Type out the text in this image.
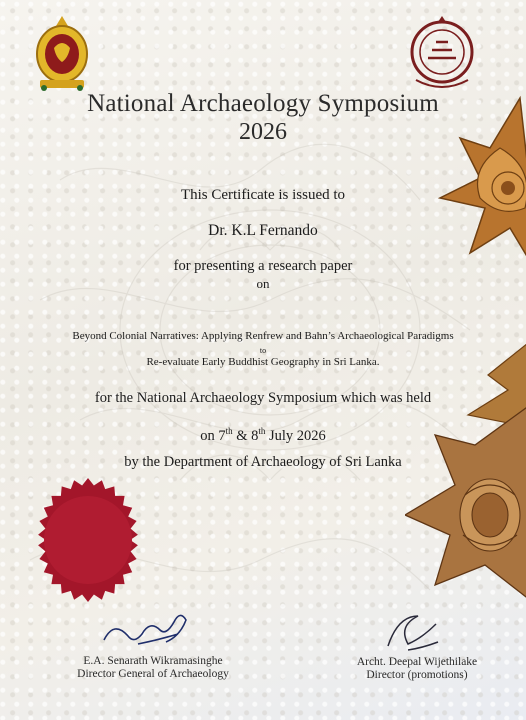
National Archaeology Symposium
2026
This Certificate is issued to
Dr. K.L Fernando
for presenting a research paper
on
Beyond Colonial Narratives: Applying Renfrew and Bahn’s Archaeological Paradigms
to
Re-evaluate Early Buddhist Geography in Sri Lanka.
for the National Archaeology Symposium which was held
on 7th & 8th July 2026
by the Department of Archaeology of Sri Lanka
E.A. Senarath Wikramasinghe
Director General of Archaeology
Archt. Deepal Wijethilake
Director (promotions)
